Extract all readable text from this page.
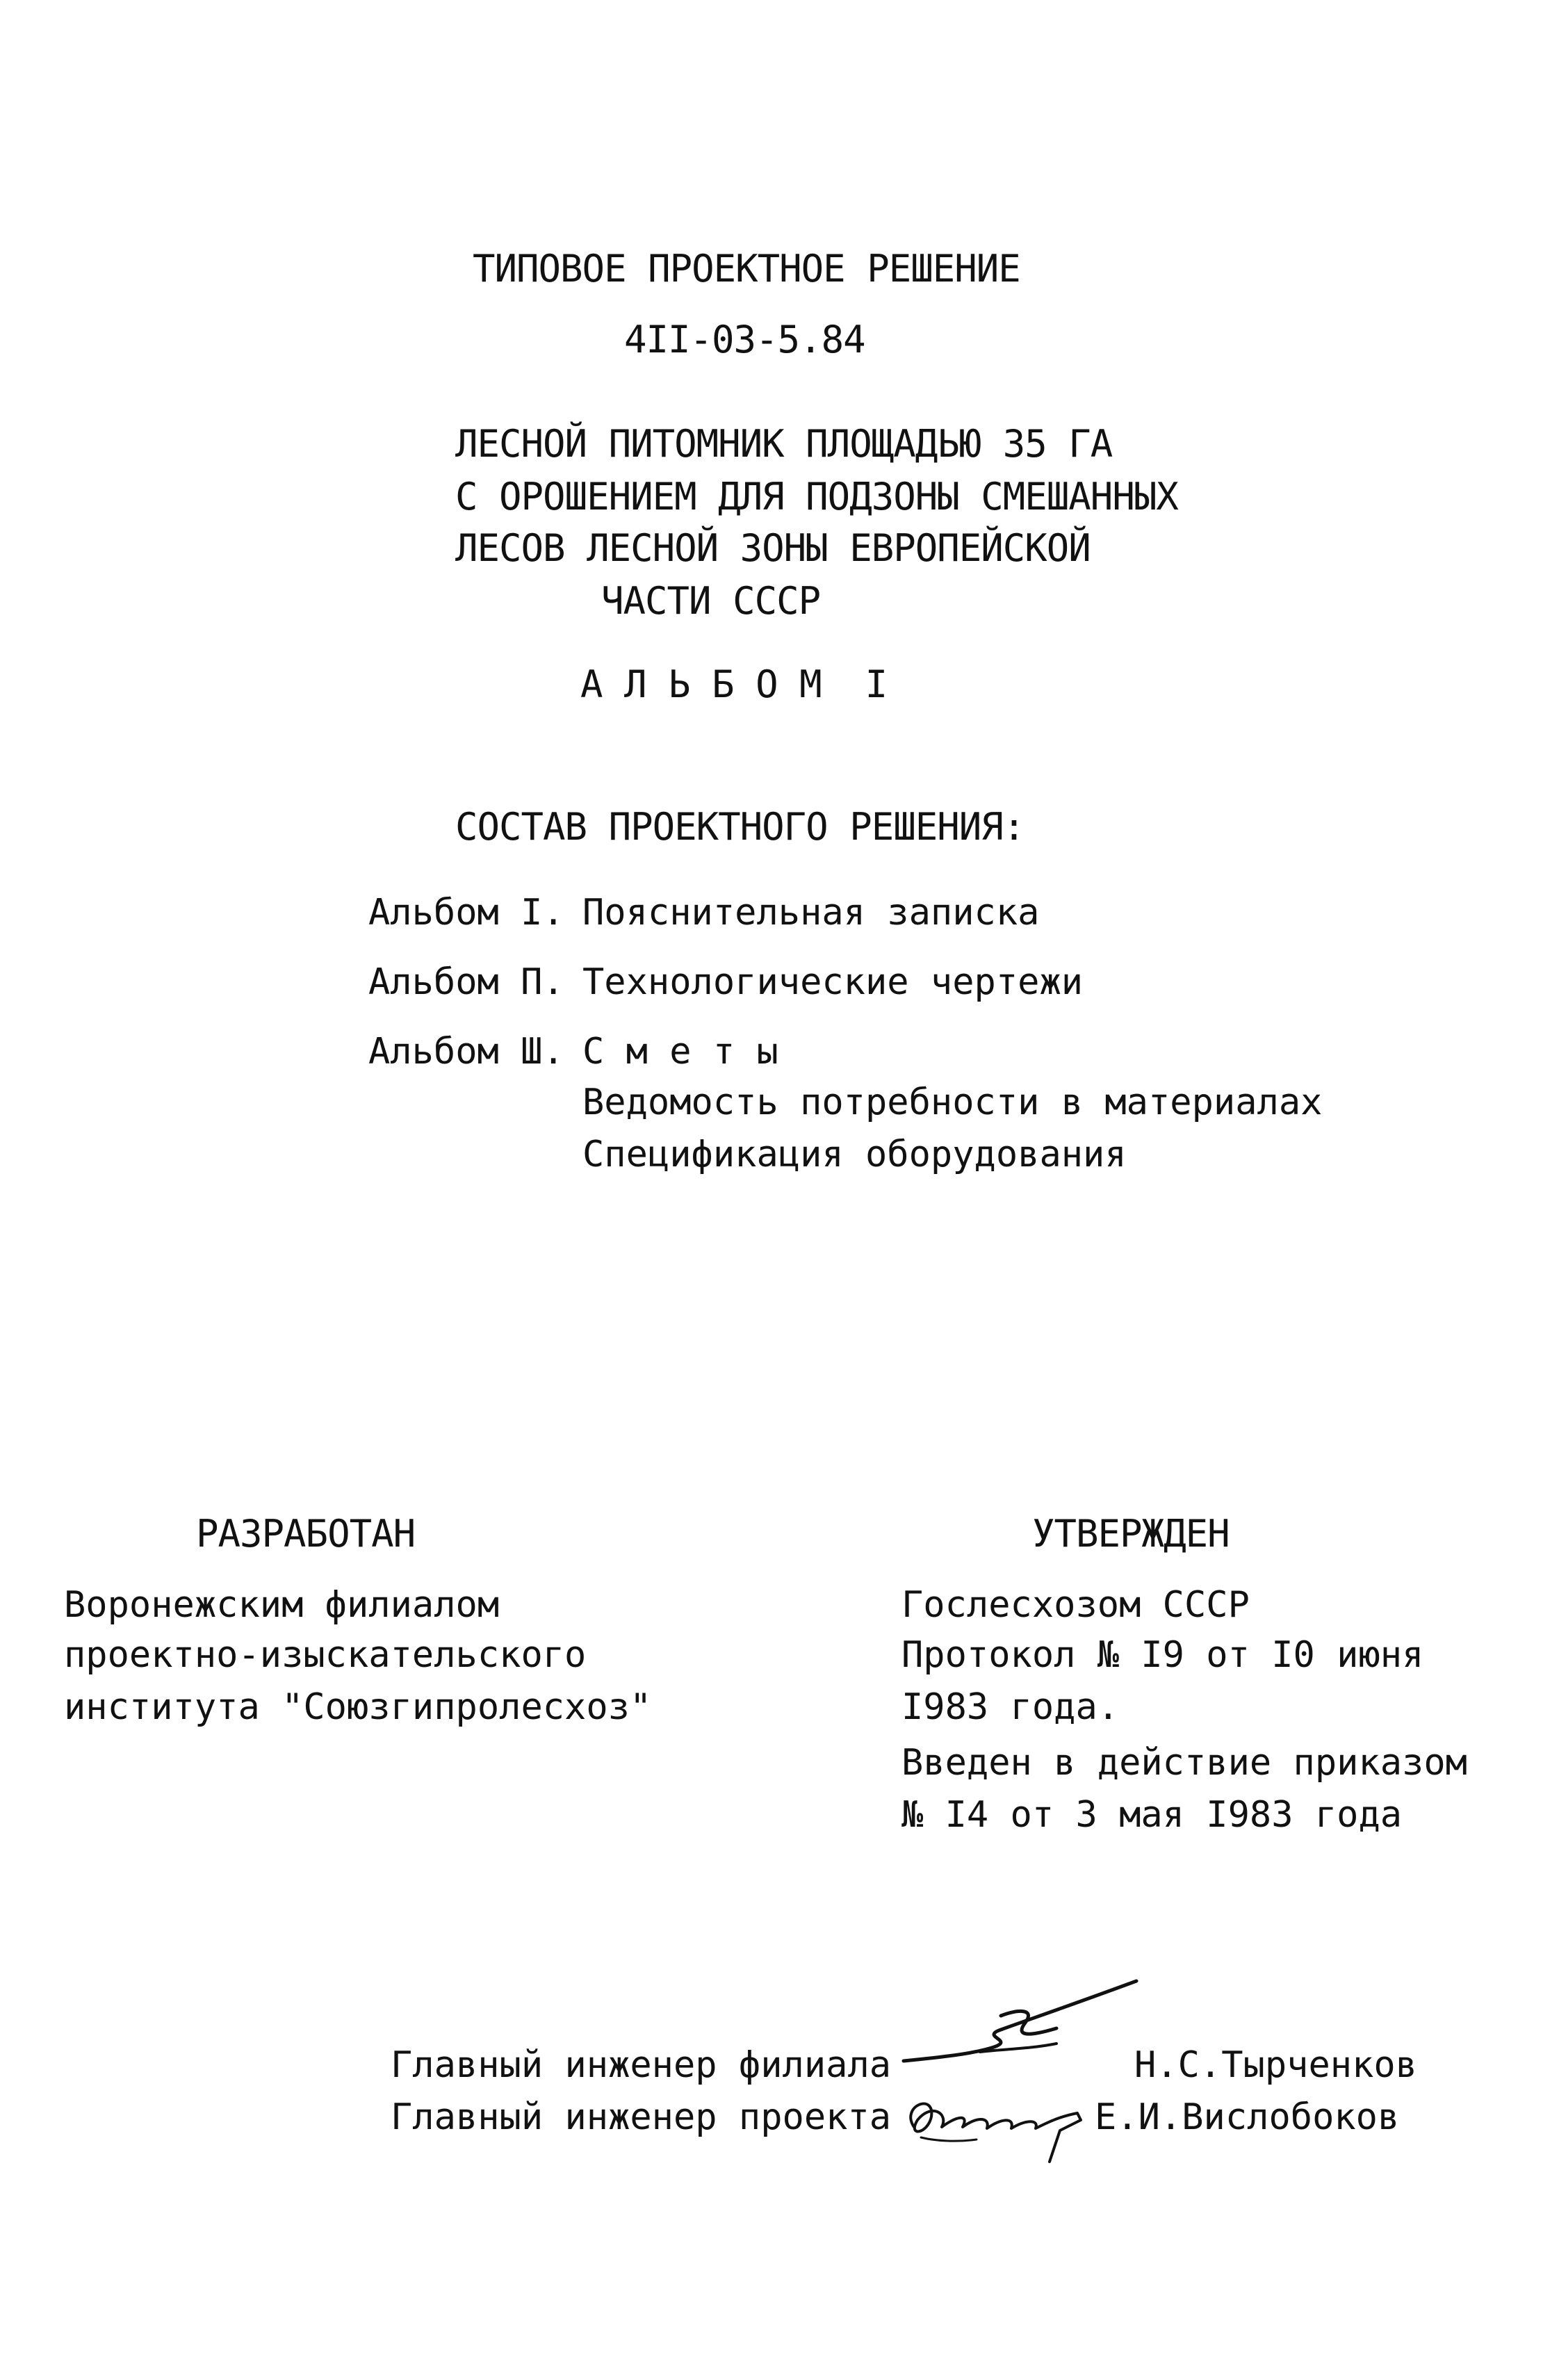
ТИПОВОЕ ПРОЕКТНОЕ РЕШЕНИЕ
4II-03-5.84
ЛЕСНОЙ ПИТОМНИК ПЛОЩАДЬЮ 35 ГА
С ОРОШЕНИЕМ ДЛЯ ПОДЗОНЫ СМЕШАННЫХ
ЛЕСОВ ЛЕСНОЙ ЗОНЫ ЕВРОПЕЙСКОЙ
ЧАСТИ СССР
А Л Ь Б О М  I
СОСТАВ ПРОЕКТНОГО РЕШЕНИЯ:
Альбом I. Пояснительная записка
Альбом П. Технологические чертежи
Альбом Ш. С м е т ы
Ведомость потребности в материалах
Спецификация оборудования
РАЗРАБОТАН
Воронежским филиалом
проектно-изыскательского
института "Союзгипролесхоз"
УТВЕРЖДЕН
Гослесхозом СССР
Протокол № I9 от I0 июня
I983 года.
Введен в действие приказом
№ I4 от 3 мая I983 года
Главный инженер филиала	Н.С.Тырченков
Главный инженер проекта	Е.И.Вислобоков
